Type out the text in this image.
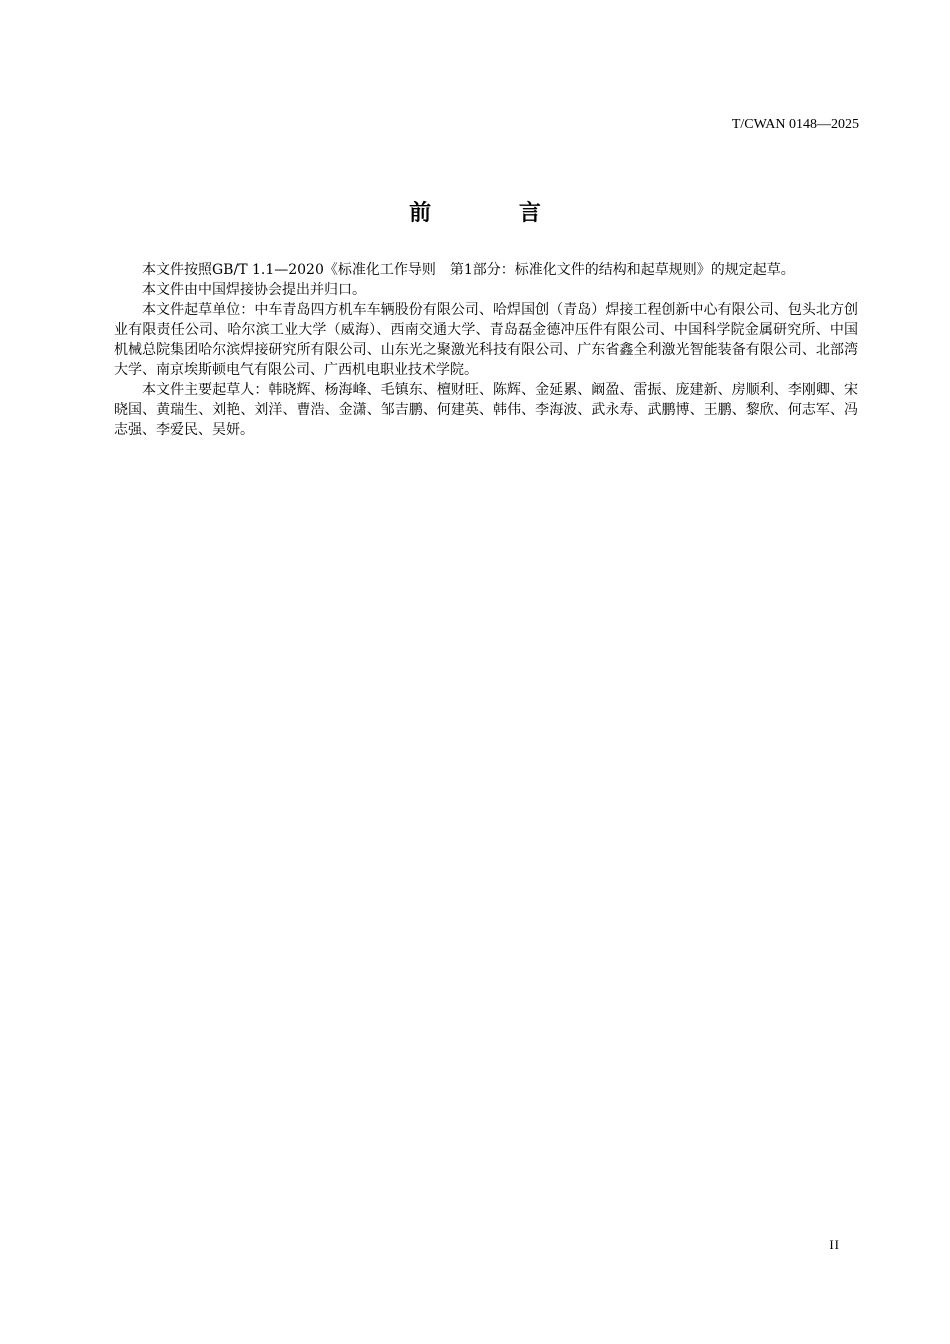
T/CWAN 0148—2025
前 言

本文件按照GB/T 1.1—2020《标准化工作导则　第1部分：标准化文件的结构和起草规则》的规定起草。

本文件由中国焊接协会提出并归口。

本文件起草单位：中车青岛四方机车车辆股份有限公司、哈焊国创（青岛）焊接工程创新中心有限公司、包头北方创业有限责任公司、哈尔滨工业大学（威海）、西南交通大学、青岛磊金德冲压件有限公司、中国科学院金属研究所、中国机械总院集团哈尔滨焊接研究所有限公司、山东光之聚激光科技有限公司、广东省鑫全利激光智能装备有限公司、北部湾大学、南京埃斯顿电气有限公司、广西机电职业技术学院。

本文件主要起草人：韩晓辉、杨海峰、毛镇东、檀财旺、陈辉、金延累、阚盈、雷振、庞建新、房顺利、李刚卿、宋晓国、黄瑞生、刘艳、刘洋、曹浩、金潇、邹吉鹏、何建英、韩伟、李海波、武永寿、武鹏博、王鹏、黎欣、何志军、冯志强、李爱民、吴妍。

II
